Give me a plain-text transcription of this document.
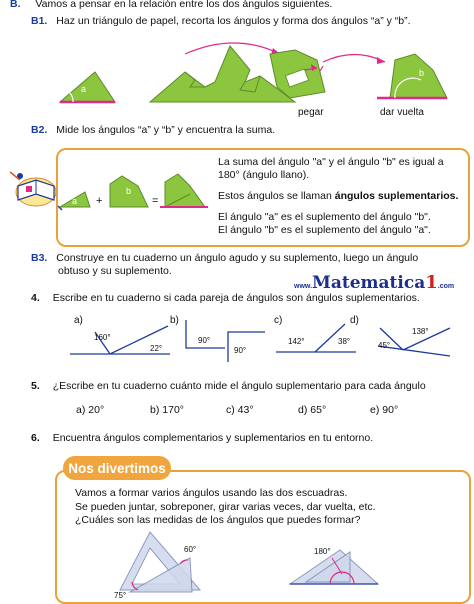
B. Vamos a pensar en la relación entre los dos ángulos siguientes.
B1. Haz un triángulo de papel, recorta los ángulos y forma dos ángulos “a” y “b”.
a
pegar
b
dar vuelta
B2. Mide los ángulos “a” y “b” y encuentra la suma.
a +
b
=
La suma del ángulo "a" y el ángulo "b" es igual a
180° (ángulo llano).
Estos ángulos se llaman ángulos suplementarios.
El ángulo "a" es el suplemento del ángulo "b".
El ángulo "b" es el suplemento del ángulo "a".
B3. Construye en tu cuaderno un ángulo agudo y su suplemento, luego un ángulo
obtuso y su suplemento.
www.Matematica1.com
4. Escribe en tu cuaderno si cada pareja de ángulos son ángulos suplementarios.
a)
160°
22°
b)
90°
90°
c)
142°	38°
d)
138°
45°
5. ¿Escribe en tu cuaderno cuánto mide el ángulo suplementario para cada ángulo
a) 20°	b) 170°	c) 43°	d) 65°	e) 90°
6. Encuentra ángulos complementarios y suplementarios en tu entorno.
Nos divertimos
Vamos a formar varios ángulos usando las dos escuadras.
Se pueden juntar, sobreponer, girar varias veces, dar vuelta, etc.
¿Cuáles son las medidas de los ángulos que puedes formar?
60°
75°
180°
